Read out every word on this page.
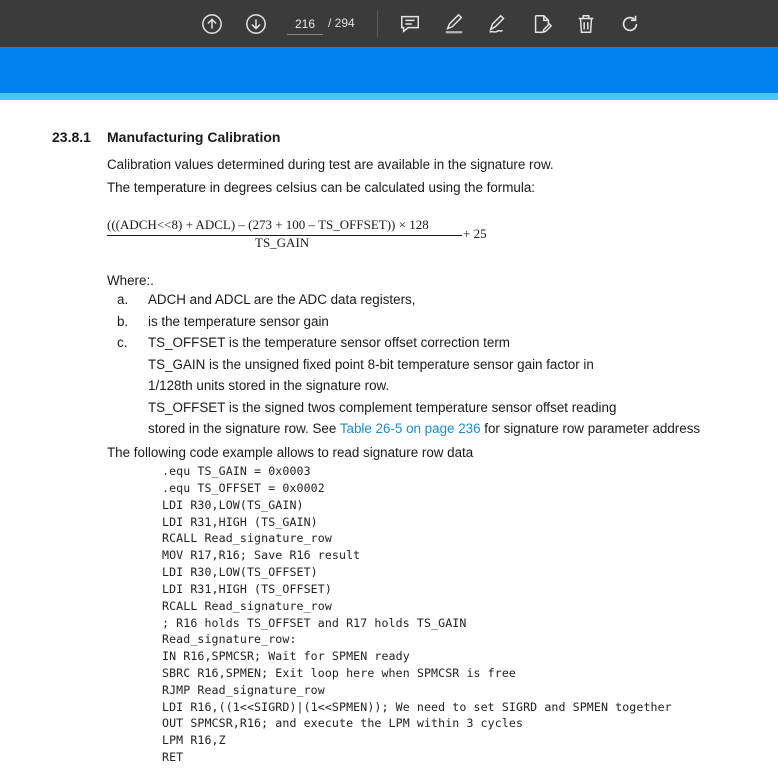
216
/ 294
23.8.1 Manufacturing Calibration
Calibration values determined during test are available in the signature row.
The temperature in degrees celsius can be calculated using the formula:
(((ADCH<<8) + ADCL) – (273 + 100 – TS_OFFSET)) × 128
TS_GAIN
+ 25
Where:.
a. ADCH and ADCL are the ADC data registers,
b. is the temperature sensor gain
c. TS_OFFSET is the temperature sensor offset correction term
TS_GAIN is the unsigned fixed point 8-bit temperature sensor gain factor in
1/128th units stored in the signature row.
TS_OFFSET is the signed twos complement temperature sensor offset reading
stored in the signature row. See Table 26-5 on page 236 for signature row parameter address
The following code example allows to read signature row data
.equ TS_GAIN = 0x0003
.equ TS_OFFSET = 0x0002
LDI R30,LOW(TS_GAIN)
LDI R31,HIGH (TS_GAIN)
RCALL Read_signature_row
MOV R17,R16; Save R16 result
LDI R30,LOW(TS_OFFSET)
LDI R31,HIGH (TS_OFFSET)
RCALL Read_signature_row
; R16 holds TS_OFFSET and R17 holds TS_GAIN
Read_signature_row:
IN R16,SPMCSR; Wait for SPMEN ready
SBRC R16,SPMEN; Exit loop here when SPMCSR is free
RJMP Read_signature_row
LDI R16,((1<<SIGRD)|(1<<SPMEN)); We need to set SIGRD and SPMEN together
OUT SPMCSR,R16; and execute the LPM within 3 cycles
LPM R16,Z
RET
